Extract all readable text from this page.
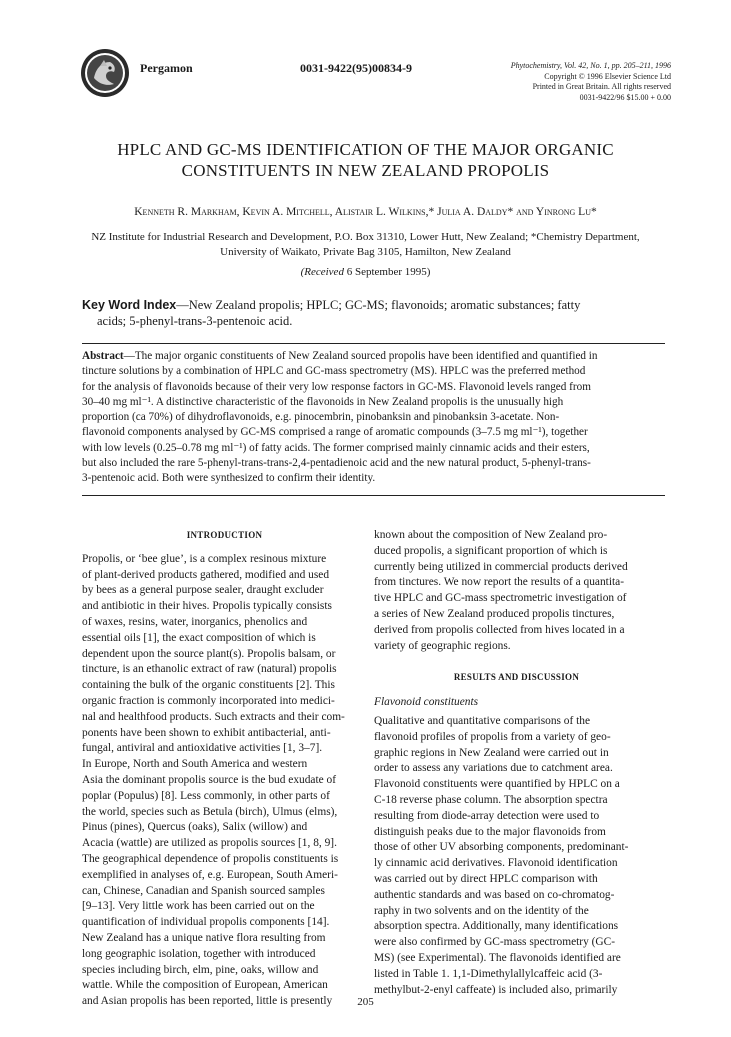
Pergamon	0031-9422(95)00834-9	Phytochemistry, Vol. 42, No. 1, pp. 205–211, 1996
Copyright © 1996 Elsevier Science Ltd
Printed in Great Britain. All rights reserved
0031-9422/96 $15.00 + 0.00
HPLC AND GC-MS IDENTIFICATION OF THE MAJOR ORGANIC
CONSTITUENTS IN NEW ZEALAND PROPOLIS
Kenneth R. Markham, Kevin A. Mitchell, Alistair L. Wilkins,* Julia A. Daldy* and Yinrong Lu*
NZ Institute for Industrial Research and Development, P.O. Box 31310, Lower Hutt, New Zealand; *Chemistry Department,
University of Waikato, Private Bag 3105, Hamilton, New Zealand
(Received 6 September 1995)
Key Word Index—New Zealand propolis; HPLC; GC-MS; flavonoids; aromatic substances; fatty
acids; 5-phenyl-trans-3-pentenoic acid.
Abstract—The major organic constituents of New Zealand sourced propolis have been identified and quantified in
tincture solutions by a combination of HPLC and GC-mass spectrometry (MS). HPLC was the preferred method
for the analysis of flavonoids because of their very low response factors in GC-MS. Flavonoid levels ranged from
30–40 mg ml⁻¹. A distinctive characteristic of the flavonoids in New Zealand propolis is the unusually high
proportion (ca 70%) of dihydroflavonoids, e.g. pinocembrin, pinobanksin and pinobanksin 3-acetate. Non-
flavonoid components analysed by GC-MS comprised a range of aromatic compounds (3–7.5 mg ml⁻¹), together
with low levels (0.25–0.78 mg ml⁻¹) of fatty acids. The former comprised mainly cinnamic acids and their esters,
but also included the rare 5-phenyl-trans-trans-2,4-pentadienoic acid and the new natural product, 5-phenyl-trans-
3-pentenoic acid. Both were synthesized to confirm their identity.
INTRODUCTION
Propolis, or ‘bee glue’, is a complex resinous mixture
of plant-derived products gathered, modified and used
by bees as a general purpose sealer, draught excluder
and antibiotic in their hives. Propolis typically consists
of waxes, resins, water, inorganics, phenolics and
essential oils [1], the exact composition of which is
dependent upon the source plant(s). Propolis balsam, or
tincture, is an ethanolic extract of raw (natural) propolis
containing the bulk of the organic constituents [2]. This
organic fraction is commonly incorporated into medici-
nal and healthfood products. Such extracts and their com-
ponents have been shown to exhibit antibacterial, anti-
fungal, antiviral and antioxidative activities [1, 3–7].
In Europe, North and South America and western
Asia the dominant propolis source is the bud exudate of
poplar (Populus) [8]. Less commonly, in other parts of
the world, species such as Betula (birch), Ulmus (elms),
Pinus (pines), Quercus (oaks), Salix (willow) and
Acacia (wattle) are utilized as propolis sources [1, 8, 9].
The geographical dependence of propolis constituents is
exemplified in analyses of, e.g. European, South Ameri-
can, Chinese, Canadian and Spanish sourced samples
[9–13]. Very little work has been carried out on the
quantification of individual propolis components [14].
New Zealand has a unique native flora resulting from
long geographic isolation, together with introduced
species including birch, elm, pine, oaks, willow and
wattle. While the composition of European, American
and Asian propolis has been reported, little is presently
known about the composition of New Zealand pro-
duced propolis, a significant proportion of which is
currently being utilized in commercial products derived
from tinctures. We now report the results of a quantita-
tive HPLC and GC-mass spectrometric investigation of
a series of New Zealand produced propolis tinctures,
derived from propolis collected from hives located in a
variety of geographic regions.
RESULTS AND DISCUSSION
Flavonoid constituents
Qualitative and quantitative comparisons of the
flavonoid profiles of propolis from a variety of geo-
graphic regions in New Zealand were carried out in
order to assess any variations due to catchment area.
Flavonoid constituents were quantified by HPLC on a
C-18 reverse phase column. The absorption spectra
resulting from diode-array detection were used to
distinguish peaks due to the major flavonoids from
those of other UV absorbing components, predominant-
ly cinnamic acid derivatives. Flavonoid identification
was carried out by direct HPLC comparison with
authentic standards and was based on co-chromatog-
raphy in two solvents and on the identity of the
absorption spectra. Additionally, many identifications
were also confirmed by GC-mass spectrometry (GC-
MS) (see Experimental). The flavonoids identified are
listed in Table 1. 1,1-Dimethylallylcaffeic acid (3-
methylbut-2-enyl caffeate) is included also, primarily
205
